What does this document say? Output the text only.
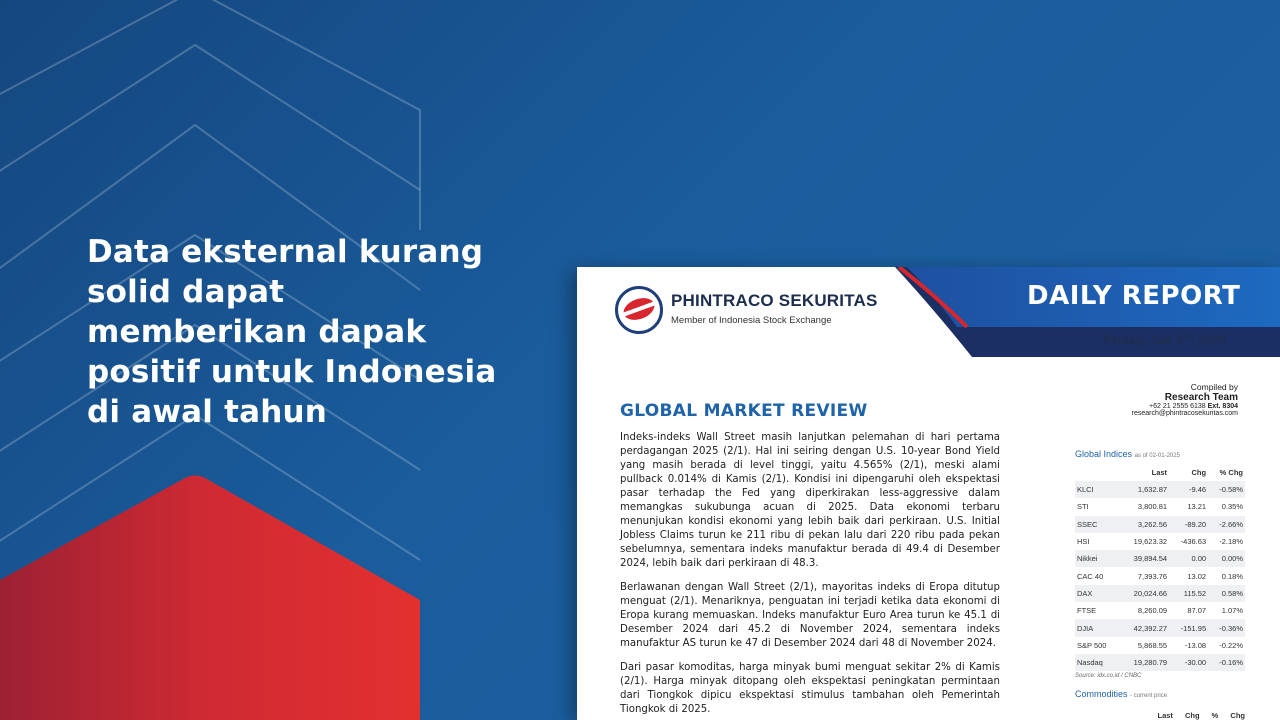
Data eksternal kurang
solid dapat
memberikan dapak
positif untuk Indonesia
di awal tahun
PHINTRACO SEKURITAS
Member of Indonesia Stock Exchange
DAILY REPORT
Friday, Jan 3rd, 2025
Compiled by
Research Team
+62 21 2555 6138 Ext. 8304
research@phintracosekuritas.com
GLOBAL MARKET REVIEW

Indeks-indeks Wall Street masih lanjutkan pelemahan di hari pertama perdagangan 2025 (2/1). Hal ini seiring dengan U.S. 10-year Bond Yield yang masih berada di level tinggi, yaitu 4.565% (2/1), meski alami pullback 0.014% di Kamis (2/1). Kondisi ini dipengaruhi oleh ekspektasi pasar terhadap the Fed yang diperkirakan less-aggressive dalam memangkas sukubunga acuan di 2025. Data ekonomi terbaru menunjukan kondisi ekonomi yang lebih baik dari perkiraan. U.S. Initial Jobless Claims turun ke 211 ribu di pekan lalu dari 220 ribu pada pekan sebelumnya, sementara indeks manufaktur berada di 49.4 di Desember 2024, lebih baik dari perkiraan di 48.3.

Berlawanan dengan Wall Street (2/1), mayoritas indeks di Eropa ditutup menguat (2/1). Menariknya, penguatan ini terjadi ketika data ekonomi di Eropa kurang memuaskan. Indeks manufaktur Euro Area turun ke 45.1 di Desember 2024 dari 45.2 di November 2024, sementara indeks manufaktur AS turun ke 47 di Desember 2024 dari 48 di November 2024.

Dari pasar komoditas, harga minyak bumi menguat sekitar 2% di Kamis (2/1). Harga minyak ditopang oleh ekspektasi peningkatan permintaan dari Tiongkok dipicu ekspektasi stimulus tambahan oleh Pemerintah Tiongkok di 2025.

Global Indices as of 02-01-2025
	Last	Chg	% Chg
KLCI	1,632.87	-9.46	-0.58%
STI	3,800.81	13.21	0.35%
SSEC	3,262.56	-89.20	-2.66%
HSI	19,623.32	-436.63	-2.18%
Nikkei	39,894.54	0.00	0.00%
CAC 40	7,393.76	13.02	0.18%
DAX	20,024.66	115.52	0.58%
FTSE	8,260.09	87.07	1.07%
DJIA	42,392.27	-151.95	-0.36%
S&P 500	5,868.55	-13.08	-0.22%
Nasdaq	19,280.79	-30.00	-0.16%
Source: idx.co.id / CNBC
Commodities - current price
Last Chg % Chg
